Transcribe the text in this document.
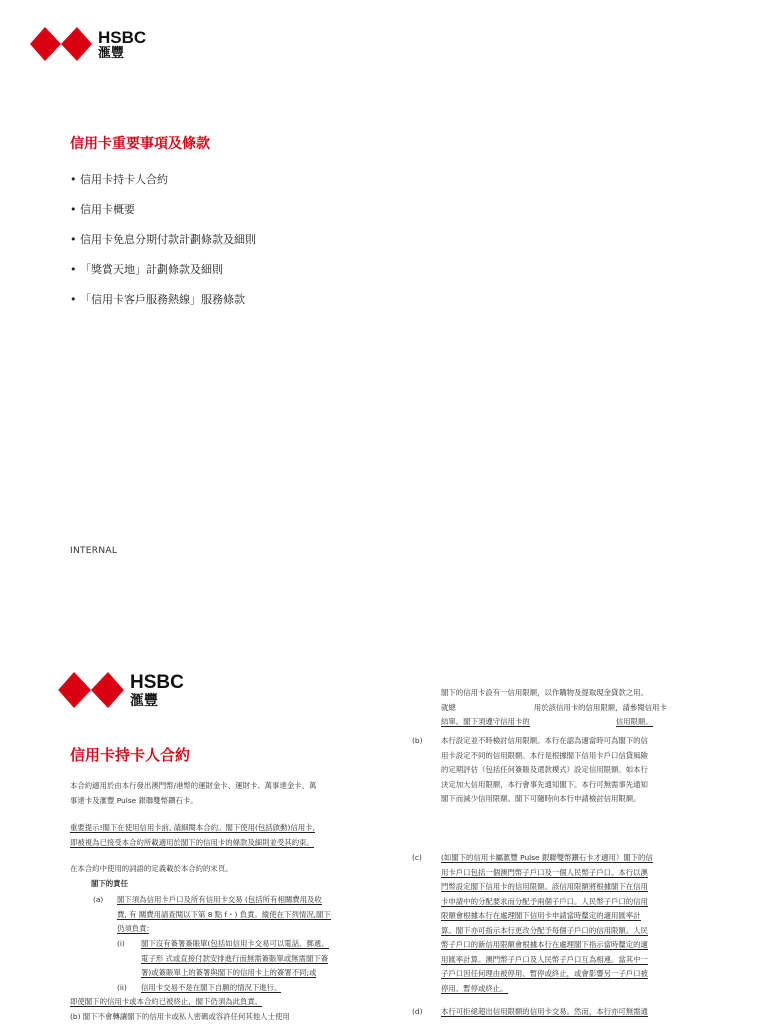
HSBC
滙豐
信用卡重要事項及條款
• 信用卡持卡人合約
• 信用卡概要
• 信用卡免息分期付款計劃條款及細則
• 「獎賞天地」計劃條款及細則
• 「信用卡客戶服務熱線」服務條款
INTERNAL
HSBC
滙豐
信用卡持卡人合約
本合約適用於由本行發出澳門幣/港幣的運財金卡、運財卡、萬事達金卡、萬
事達卡及滙豐 Pulse 銀聯雙幣鑽石卡。
重要提示!閣下在使用信用卡前, 請細閱本合約。閣下使用(包括啟動)信用卡,
即被視為已接受本合約所載適用於閣下的信用卡的條款及細則並受其約束。
在本合約中使用的詞語的定義載於本合約的末頁。
閣下的責任
(a) 閣下須為信用卡戶口及所有信用卡交易 (包括所有相關費用及收
費, 有 關費用請查閱以下第 8 點 f・) 負責。縱使在下列情況,閣下
仍須負責:
(i) 閣下沒有簽署簽賬單(包括如信用卡交易可以電話、郵遞、
電子形 式或直接付款安排進行而無需簽賬單或無需閣下簽
署)或簽賬單上的簽署與閣下的信用卡上的簽署不同;或
(ii) 信用卡交易不是在閣下自願的情況下進行。
即使閣下的信用卡或本合約已被終止，閣下仍須為此負責。
(b) 閣下不會轉讓閣下的信用卡或私人密碼或容許任何其他人士使用
閣下的信用卡設有一信用限額，以作購物及提取現金貸款之用。
就總	用於該信用卡的信用限額，請參閱信用卡
結單。閣下須遵守信用卡的	信用限額。
(b)	本行設定並不時檢討信用限額。本行在認為適當時可為閣下的信
用卡設定不同的信用限額。本行是根據閣下信用卡戶口信貸風險
的定期評估（包括任何簽賬及還款模式）設定信用限額。如本行
決定加大信用限額，本行會事先通知閣下。本行可無需事先通知
閣下而減少信用限額。閣下可隨時向本行申請檢討信用限額。
(c)	(如閣下的信用卡屬滙豐 Pulse 銀聯雙幣鑽石卡才適用）閣下的信
用卡戶口包括一個澳門幣子戶口及一個人民幣子戶口。本行以澳
門幣設定閣下信用卡的信用限額。該信用限額將根據閣下在信用
卡申請中的分配要求而分配予兩個子戶口。人民幣子戶口的信用
限額會根據本行在處理閣下信用卡申請當時釐定的適用匯率計
算。閣下亦可指示本行更改分配予每個子戶口的信用限額。人民
幣子戶口的新信用限額會根據本行在處理閣下指示當時釐定的適
用匯率計算。澳門幣子戶口及人民幣子戶口互為相連。當其中一
子戶口因任何理由被停用、暫停或終止，或會影響另一子戶口被
停用、暫停或終止。
(d)	本行可拒絕超出信用限額的信用卡交易。然而，本行亦可無需通
